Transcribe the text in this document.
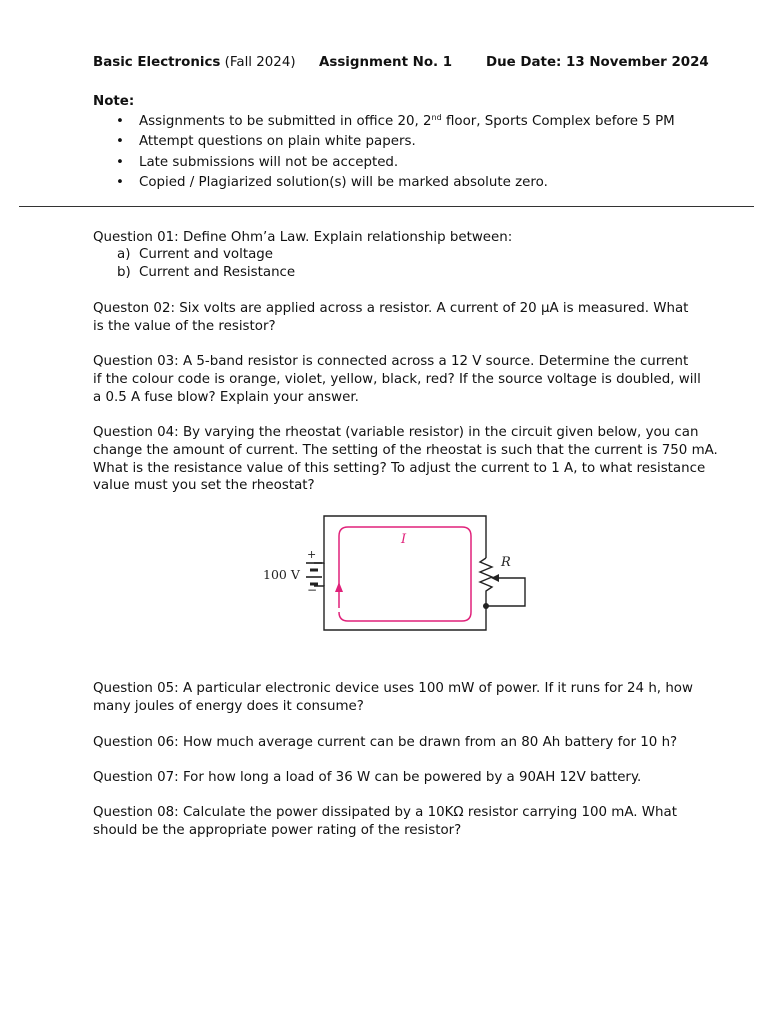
Basic Electronics (Fall 2024) Assignment No. 1	Due Date: 13 November 2024
Note:
• Assignments to be submitted in office 20, 2nd floor, Sports Complex before 5 PM
• Attempt questions on plain white papers.
• Late submissions will not be accepted.
• Copied / Plagiarized solution(s) will be marked absolute zero.
Question 01: Define Ohm’a Law. Explain relationship between:
a) Current and voltage
b) Current and Resistance
Queston 02: Six volts are applied across a resistor. A current of 20 µA is measured. What
is the value of the resistor?
Question 03: A 5-band resistor is connected across a 12 V source. Determine the current
if the colour code is orange, violet, yellow, black, red? If the source voltage is doubled, will
a 0.5 A fuse blow? Explain your answer.
Question 04: By varying the rheostat (variable resistor) in the circuit given below, you can
change the amount of current. The setting of the rheostat is such that the current is 750 mA.
What is the resistance value of this setting? To adjust the current to 1 A, to what resistance
value must you set the rheostat?
+
−
100 V
I
R
Question 05: A particular electronic device uses 100 mW of power. If it runs for 24 h, how
many joules of energy does it consume?
Question 06: How much average current can be drawn from an 80 Ah battery for 10 h?
Question 07: For how long a load of 36 W can be powered by a 90AH 12V battery.
Question 08: Calculate the power dissipated by a 10KΩ resistor carrying 100 mA. What
should be the appropriate power rating of the resistor?
